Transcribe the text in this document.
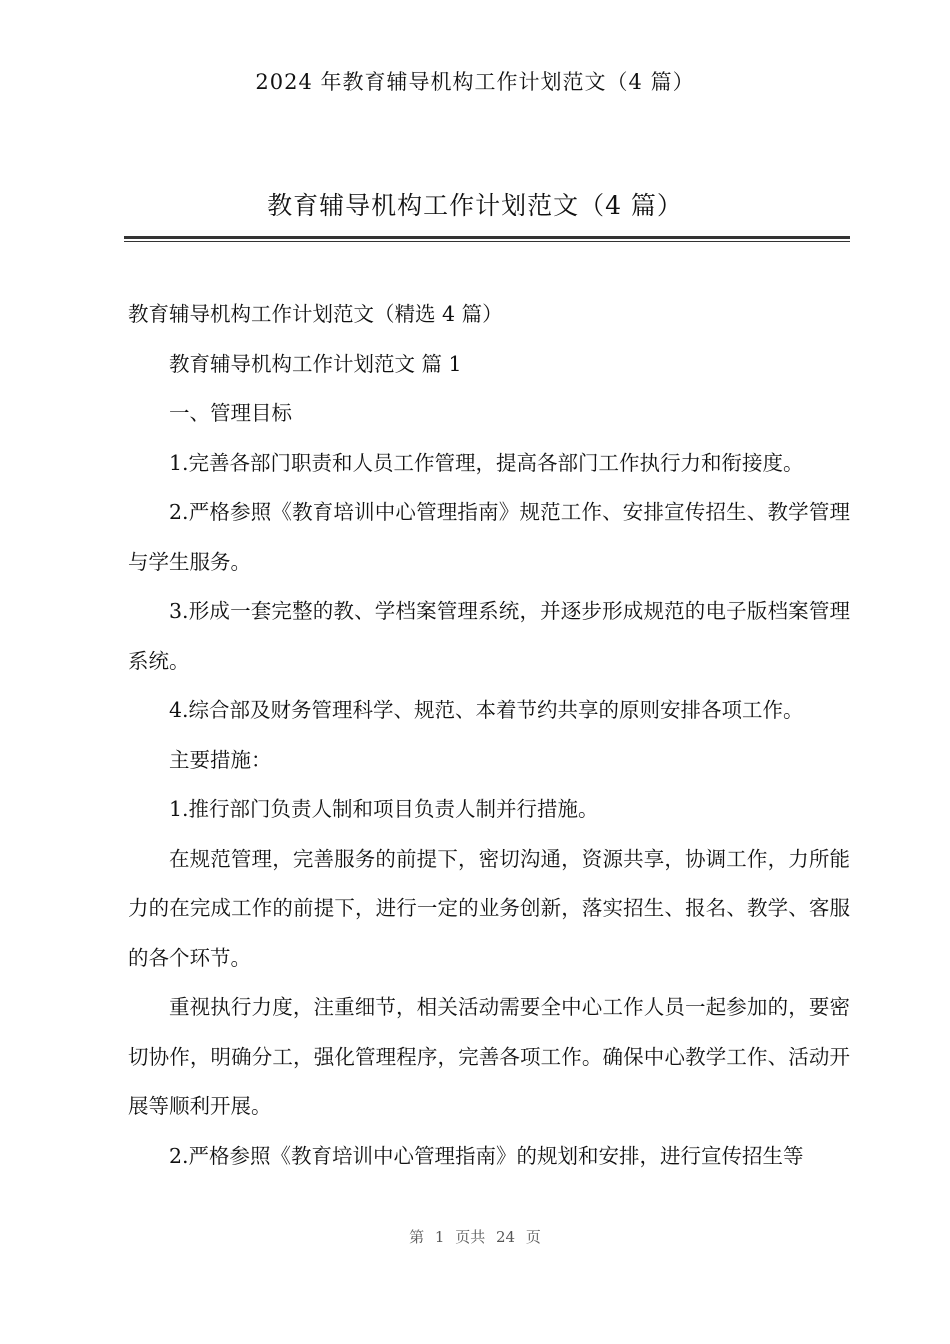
2024 年教育辅导机构工作计划范文（4 篇）
教育辅导机构工作计划范文（4 篇）

教育辅导机构工作计划范文（精选 4 篇）

教育辅导机构工作计划范文 篇 1

一、管理目标

1.完善各部门职责和人员工作管理，提高各部门工作执行力和衔接度。

2.严格参照《教育培训中心管理指南》规范工作、安排宣传招生、教学管理与学生服务。

3.形成一套完整的教、学档案管理系统，并逐步形成规范的电子版档案管理系统。

4.综合部及财务管理科学、规范、本着节约共享的原则安排各项工作。

主要措施：

1.推行部门负责人制和项目负责人制并行措施。

在规范管理，完善服务的前提下，密切沟通，资源共享，协调工作，力所能力的在完成工作的前提下，进行一定的业务创新，落实招生、报名、教学、客服的各个环节。

重视执行力度，注重细节，相关活动需要全中心工作人员一起参加的，要密切协作，明确分工，强化管理程序，完善各项工作。确保中心教学工作、活动开展等顺利开展。

2.严格参照《教育培训中心管理指南》的规划和安排，进行宣传招生等

第 1 页共 24 页
